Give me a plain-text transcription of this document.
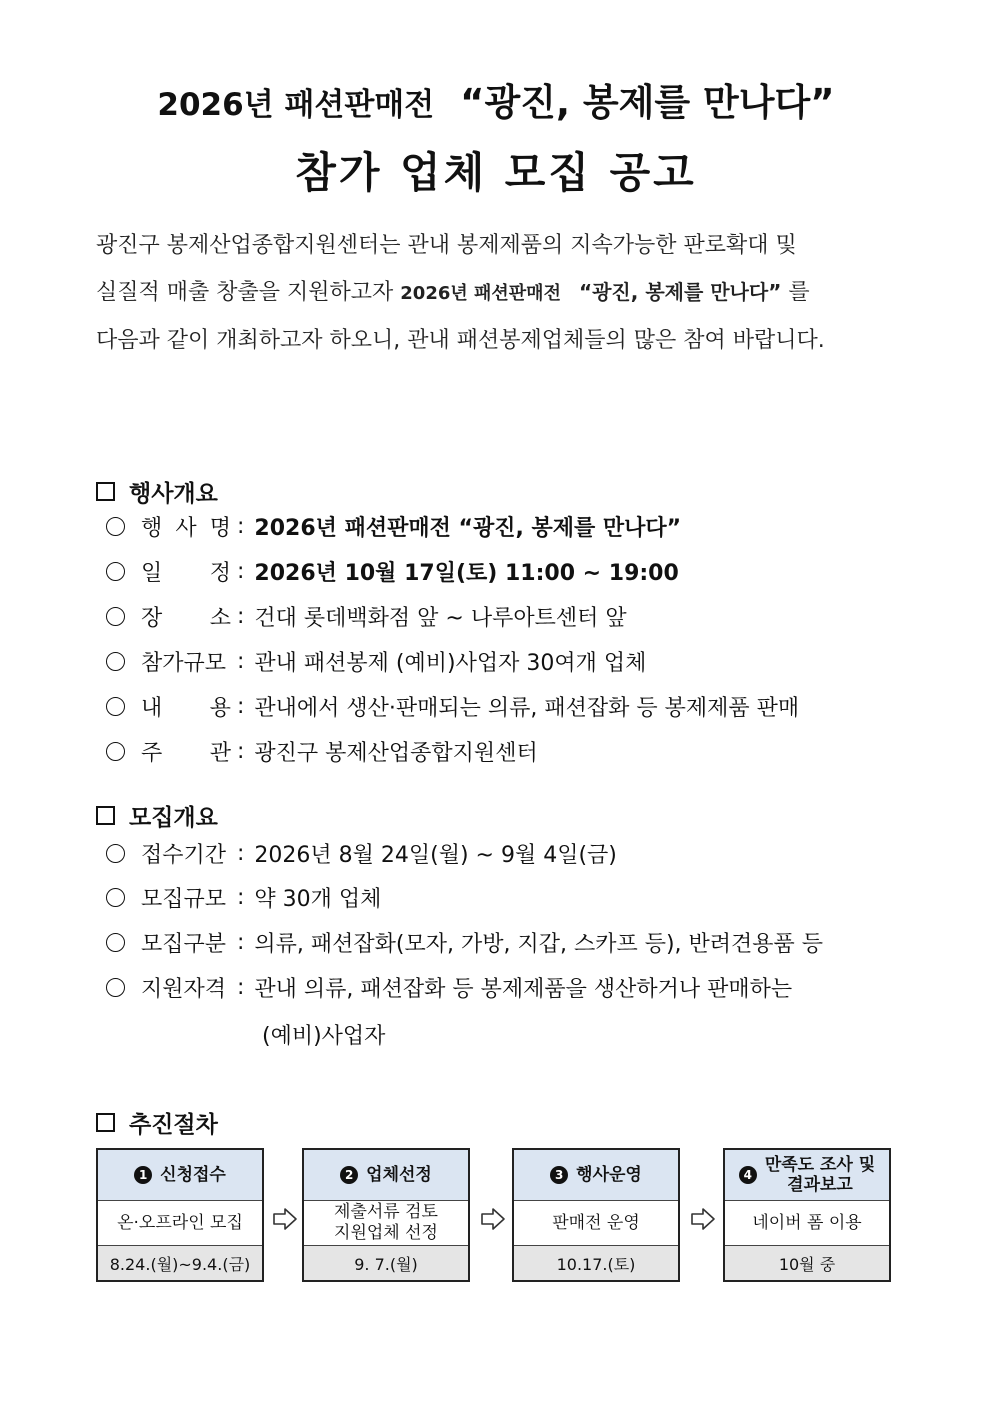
2026년 패션판매전 “광진, 봉제를 만나다”
참가 업체 모집 공고
광진구 봉제산업종합지원센터는 관내 봉제제품의 지속가능한 판로확대 및
실질적 매출 창출을 지원하고자 2026년 패션판매전 “광진, 봉제를 만나다” 를
다음과 같이 개최하고자 하오니, 관내 패션봉제업체들의 많은 참여 바랍니다.
행사개요
행 사 명 : 2026년 패션판매전 “광진, 봉제를 만나다”
일 정 : 2026년 10월 17일(토) 11:00 ~ 19:00
장 소 : 건대 롯데백화점 앞 ~ 나루아트센터 앞
참가규모 : 관내 패션봉제 (예비)사업자 30여개 업체
내 용 : 관내에서 생산·판매되는 의류, 패션잡화 등 봉제제품 판매
주 관 : 광진구 봉제산업종합지원센터
모집개요
접수기간 : 2026년 8월 24일(월) ~ 9월 4일(금)
모집규모 : 약 30개 업체
모집구분 : 의류, 패션잡화(모자, 가방, 지갑, 스카프 등), 반려견용품 등
지원자격 : 관내 의류, 패션잡화 등 봉제제품을 생산하거나 판매하는
(예비)사업자
추진절차
1 신청접수
온·오프라인 모집
8.24.(월)~9.4.(금)
2 업체선정
제출서류 검토
지원업체 선정
9. 7.(월)
3 행사운영
판매전 운영
10.17.(토)
4 만족도 조사 및
결과보고
네이버 폼 이용
10월 중
